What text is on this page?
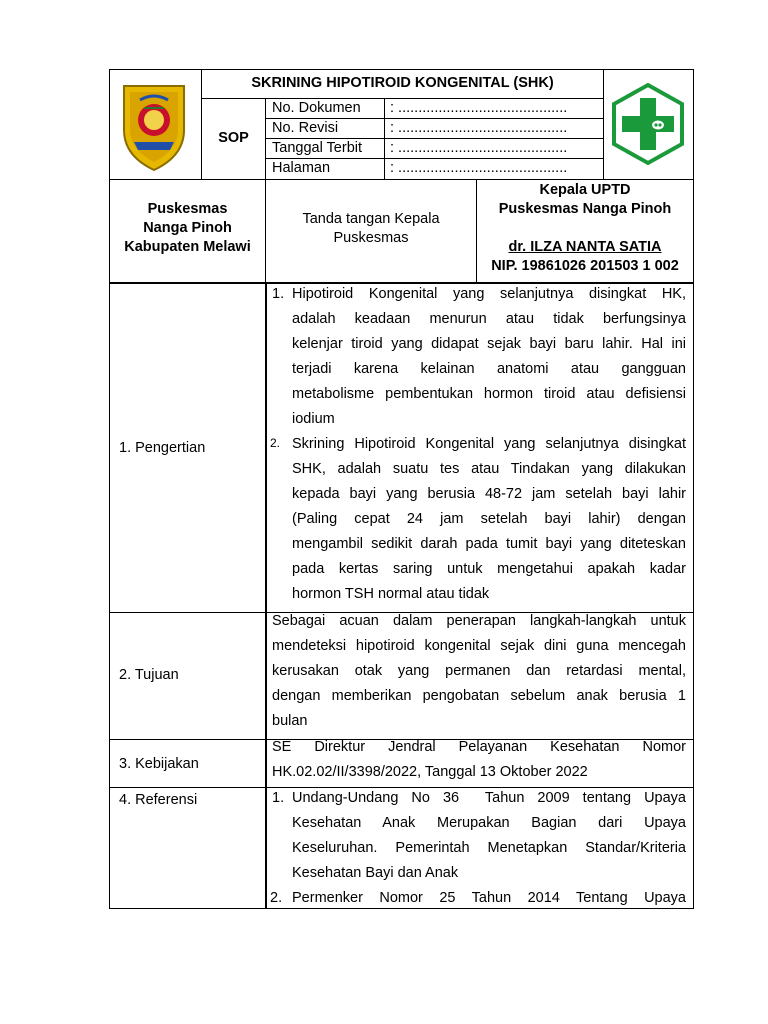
SKRINING HIPOTIROID KONGENITAL (SHK)
SOP
No. Dokumen : ..........................................
No. Revisi	: ..........................................
Tanggal Terbit : ..........................................
Halaman	: ..........................................
Puskesmas
Nanga Pinoh
Kabupaten Melawi
Tanda tangan Kepala
Puskesmas
Kepala UPTD
Puskesmas Nanga Pinoh
dr. ILZA NANTA SATIA
NIP. 19861026 201503 1 002
1. Pengertian
2. Tujuan
3. Kebijakan
4. Referensi
1. Hipotiroid Kongenital yang selanjutnya disingkat HK,
adalah keadaan menurun atau tidak berfungsinya
kelenjar tiroid yang didapat sejak bayi baru lahir. Hal ini
terjadi karena kelainan anatomi atau gangguan
metabolisme pembentukan hormon tiroid atau defisiensi
iodium
2. Skrining Hipotiroid Kongenital yang selanjutnya disingkat
SHK, adalah suatu tes atau Tindakan yang dilakukan
kepada bayi yang berusia 48-72 jam setelah bayi lahir
(Paling cepat 24 jam setelah bayi lahir) dengan
mengambil sedikit darah pada tumit bayi yang diteteskan
pada kertas saring untuk mengetahui apakah kadar
hormon TSH normal atau tidak
Sebagai acuan dalam penerapan langkah-langkah untuk
mendeteksi hipotiroid kongenital sejak dini guna mencegah
kerusakan otak yang permanen dan retardasi mental,
dengan memberikan pengobatan sebelum anak berusia 1
bulan
SE Direktur Jendral Pelayanan Kesehatan Nomor
HK.02.02/II/3398/2022, Tanggal 13 Oktober 2022
1. Undang-Undang No 36  Tahun 2009 tentang Upaya
Kesehatan Anak Merupakan Bagian dari Upaya
Keseluruhan. Pemerintah Menetapkan Standar/Kriteria
Kesehatan Bayi dan Anak
2. Permenker Nomor 25 Tahun 2014 Tentang Upaya
